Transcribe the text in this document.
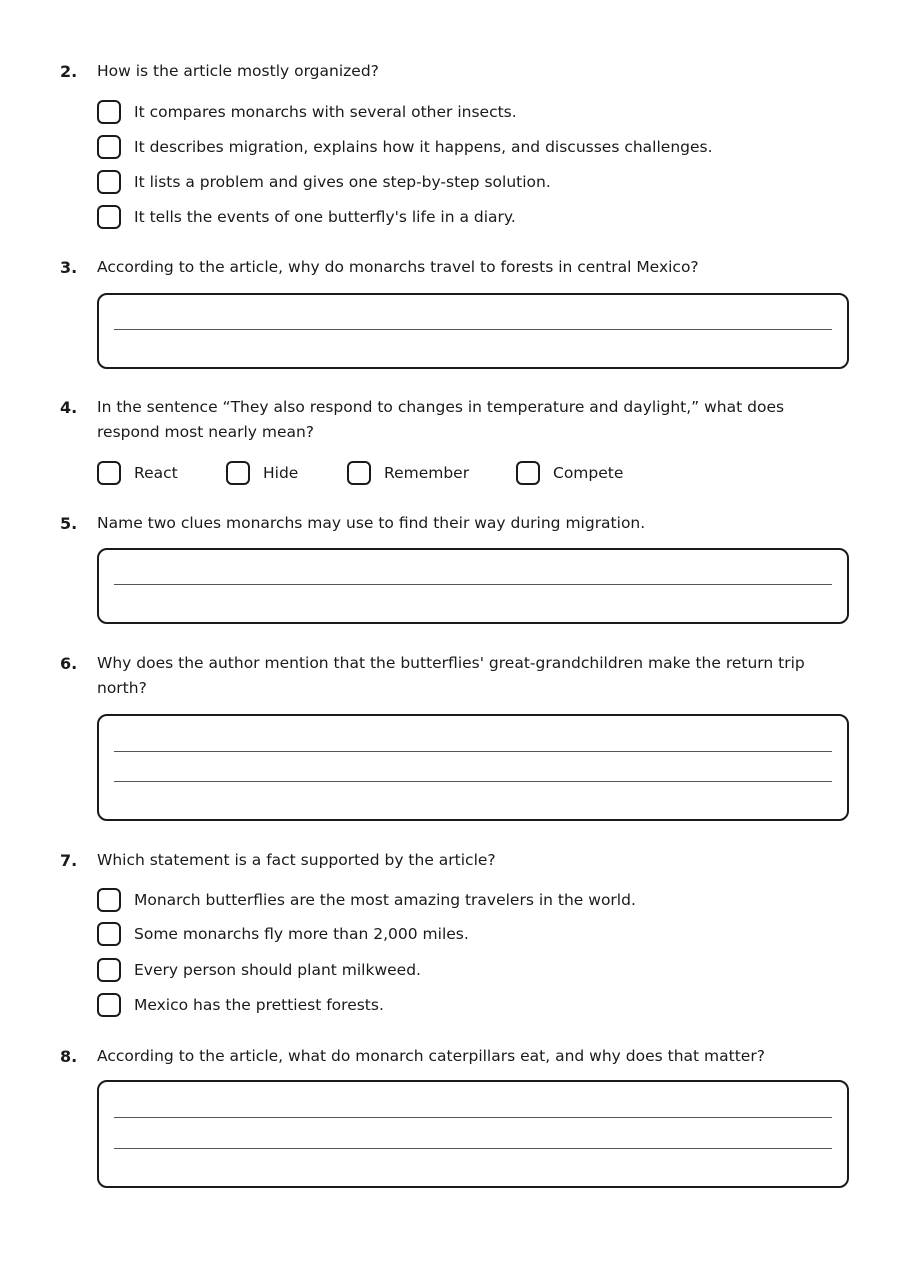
2. How is the article mostly organized?
It compares monarchs with several other insects.
It describes migration, explains how it happens, and discusses challenges.
It lists a problem and gives one step-by-step solution.
It tells the events of one butterfly's life in a diary.
3. According to the article, why do monarchs travel to forests in central Mexico?
4. In the sentence “They also respond to changes in temperature and daylight,” what does respond most nearly mean?
React	Hide	Remember	Compete
5. Name two clues monarchs may use to find their way during migration.
6. Why does the author mention that the butterflies' great-grandchildren make the return trip north?
7. Which statement is a fact supported by the article?
Monarch butterflies are the most amazing travelers in the world.
Some monarchs fly more than 2,000 miles.
Every person should plant milkweed.
Mexico has the prettiest forests.
8. According to the article, what do monarch caterpillars eat, and why does that matter?
